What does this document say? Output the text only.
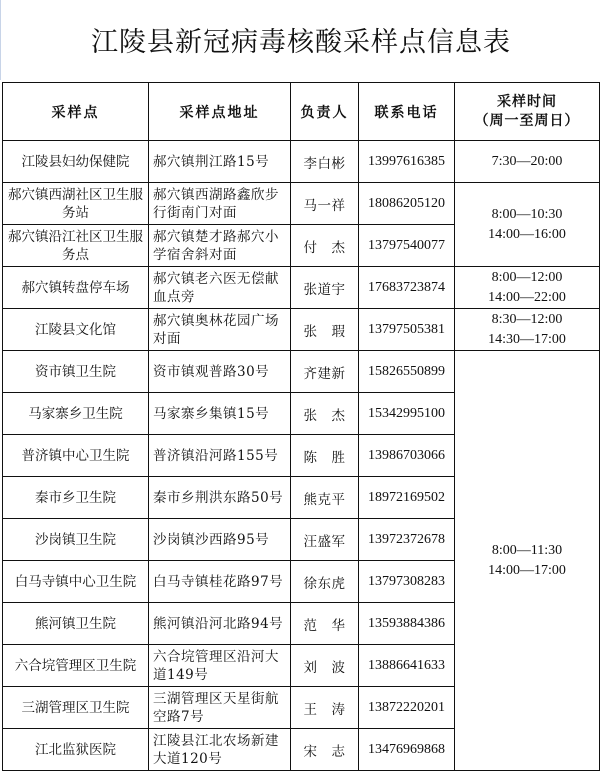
江陵县新冠病毒核酸采样点信息表
采样点	采样点地址	负责人	联系电话	采样时间
（周一至周日）

江陵县妇幼保健院	郝穴镇荆江路15号	李白彬	13997616385	7:30—20:00

郝穴镇西湖社区卫生服务站	郝穴镇西湖路鑫欣步行街南门对面	马一祥	18086205120	8:00—10:30
14:00—16:00

郝穴镇沿江社区卫生服务点	郝穴镇楚才路郝穴小学宿舍斜对面	付　杰	13797540077	
郝穴镇转盘停车场	郝穴镇老六医无偿献血点旁	张道宇	17683723874	8:00—12:00
14:00—22:00

江陵县文化馆	郝穴镇奥林花园广场对面	张　瑕	13797505381	8:30—12:00
14:30—17:00

资市镇卫生院	资市镇观普路30号	齐建新	15826550899	8:00—11:30
14:00—17:00

马家寨乡卫生院	马家寨乡集镇15号	张　杰	15342995100	
普济镇中心卫生院	普济镇沿河路155号	陈　胜	13986703066	
秦市乡卫生院	秦市乡荆洪东路50号	熊克平	18972169502	
沙岗镇卫生院	沙岗镇沙西路95号	汪盛军	13972372678	
白马寺镇中心卫生院	白马寺镇桂花路97号	徐东虎	13797308283	
熊河镇卫生院	熊河镇沿河北路94号	范　华	13593884386	
六合垸管理区卫生院	六合垸管理区沿河大道149号	刘　波	13886641633	
三湖管理区卫生院	三湖管理区天星街航空路7号	王　涛	13872220201	
江北监狱医院	江陵县江北农场新建大道120号	宋　志	13476969868	
